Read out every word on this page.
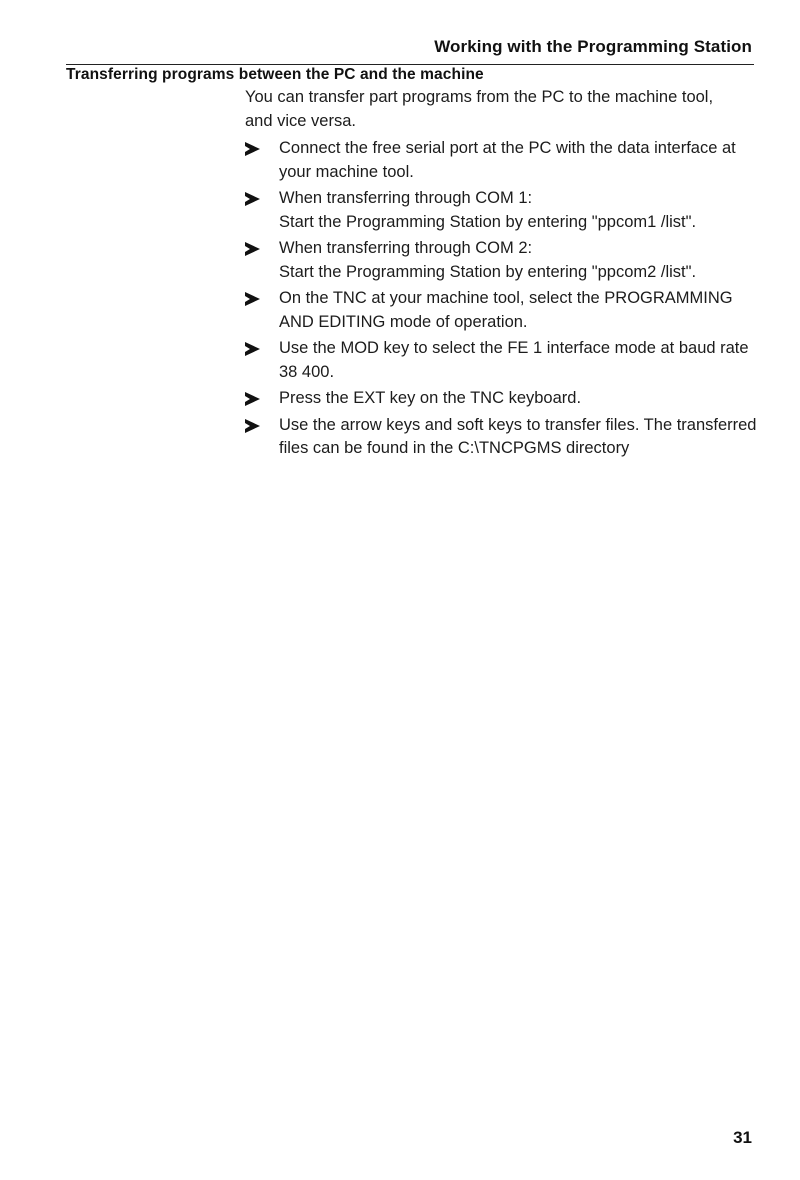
Working with the Programming Station
Transferring programs between the PC and the machine

You can transfer part programs from the PC to the machine tool, and vice versa.

Connect the free serial port at the PC with the data interface at your machine tool.
When transferring through COM 1:
Start the Programming Station by entering "ppcom1 /list".
When transferring through COM 2:
Start the Programming Station by entering "ppcom2 /list".
On the TNC at your machine tool, select the PROGRAMMING AND EDITING mode of operation.
Use the MOD key to select the FE 1 interface mode at baud rate 38 400.
Press the EXT key on the TNC keyboard.
Use the arrow keys and soft keys to transfer files. The transferred files can be found in the C:\TNCPGMS directory
31
